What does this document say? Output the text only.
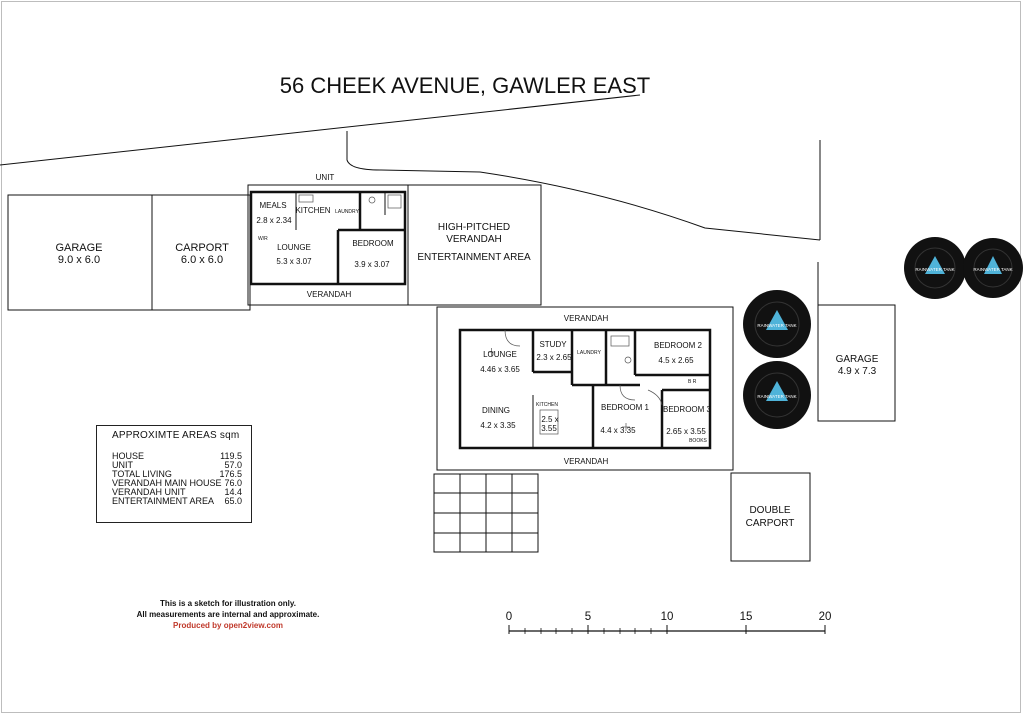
56 CHEEK AVENUE, GAWLER EAST
GARAGE
9.0 x 6.0
CARPORT
6.0 x 6.0
UNIT
MEALS
2.8 x 2.34
KITCHEN LAUNDRY
LOUNGE
5.3 x 3.07
BEDROOM
3.9 x 3.07
VERANDAH
W/R
HIGH-PITCHED
VERANDAH
ENTERTAINMENT AREA
VERANDAH
VERANDAH
LOUNGE
4.46 x 3.65
STUDY
2.3 x 2.65 LAUNDRY
BEDROOM 2
4.5 x 2.65
DINING
4.2 x 3.35
KITCHEN
2.5 x
3.55
BEDROOM 1
4.4 x 3.35
BEDROOM 3
2.65 x 3.55
BOOKS
B R
GARAGE
4.9 x 7.3
DOUBLE
CARPORT
RAINWATER TANK
RAINWATER TANK
RAINWATER TANK	RAINWATER TANK
0	5	10	15	20
APPROXIMTE AREAS sqm
HOUSE	119.5
UNIT	57.0
TOTAL LIVING	176.5
VERANDAH MAIN HOUSE 76.0
VERANDAH UNIT	14.4
ENTERTAINMENT AREA 65.0
This is a sketch for illustration only.
All measurements are internal and approximate.
Produced by open2view.com
